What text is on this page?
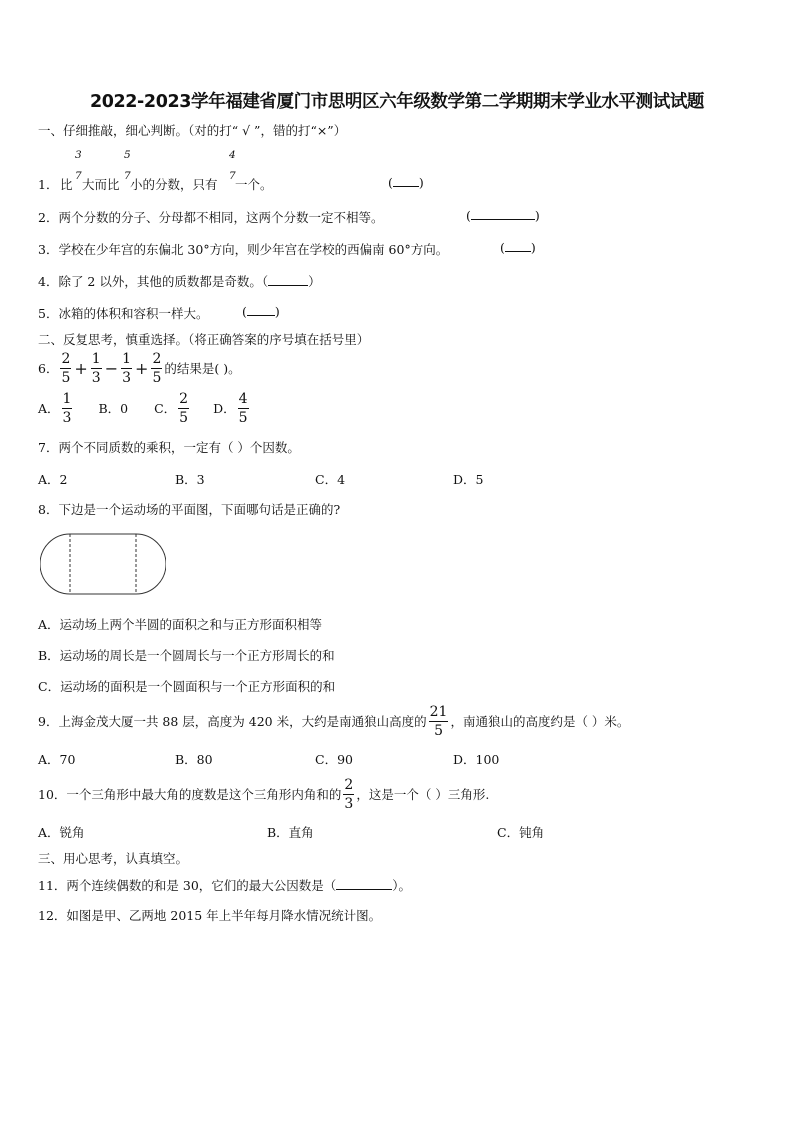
2022-2023学年福建省厦门市思明区六年级数学第二学期期末学业水平测试试题
一、仔细推敲，细心判断。（对的打“ √ ”，错的打“×”）
1． 比
3
7
大而比
5
7
小的分数，只有
4
7
一个。	( )
2．两个分数的分子、分母都不相同，这两个分数一定不相等。	(	)
3．学校在少年宫的东偏北 30°方向，则少年宫在学校的西偏南 60°方向。	( )
4．除了 2 以外，其他的质数都是奇数。（	）
5．冰箱的体积和容积一样大。	( )
二、反复思考，慎重选择。（将正确答案的序号填在括号里）
6． $\frac{2}{5} + \frac{1}{3} - \frac{1}{3} + \frac{2}{5}$ 的结果是( )。
A． $\frac{1}{3}$ B． 0 C． $\frac{2}{5}$ D． $\frac{4}{5}$
7．两个不同质数的乘积，一定有（ ）个因数。
A．2	B．3	C．4	D．5
8．下边是一个运动场的平面图，下面哪句话是正确的?
A．运动场上两个半圆的面积之和与正方形面积相等
B．运动场的周长是一个圆周长与一个正方形周长的和
C．运动场的面积是一个圆面积与一个正方形面积的和
9．上海金茂大厦一共 88 层，高度为 420 米，大约是南通狼山高度的 $\frac{21}{5}$ ，南通狼山的高度约是（ ）米。
A．70	B．80	C．90	D．100
10．一个三角形中最大角的度数是这个三角形内角和的 $\frac{2}{3}$ ，这是一个（ ）三角形.
A．锐角	B．直角	C．钝角
三、用心思考，认真填空。
11．两个连续偶数的和是 30，它们的最大公因数是（	）。
12．如图是甲、乙两地 2015 年上半年每月降水情况统计图。
